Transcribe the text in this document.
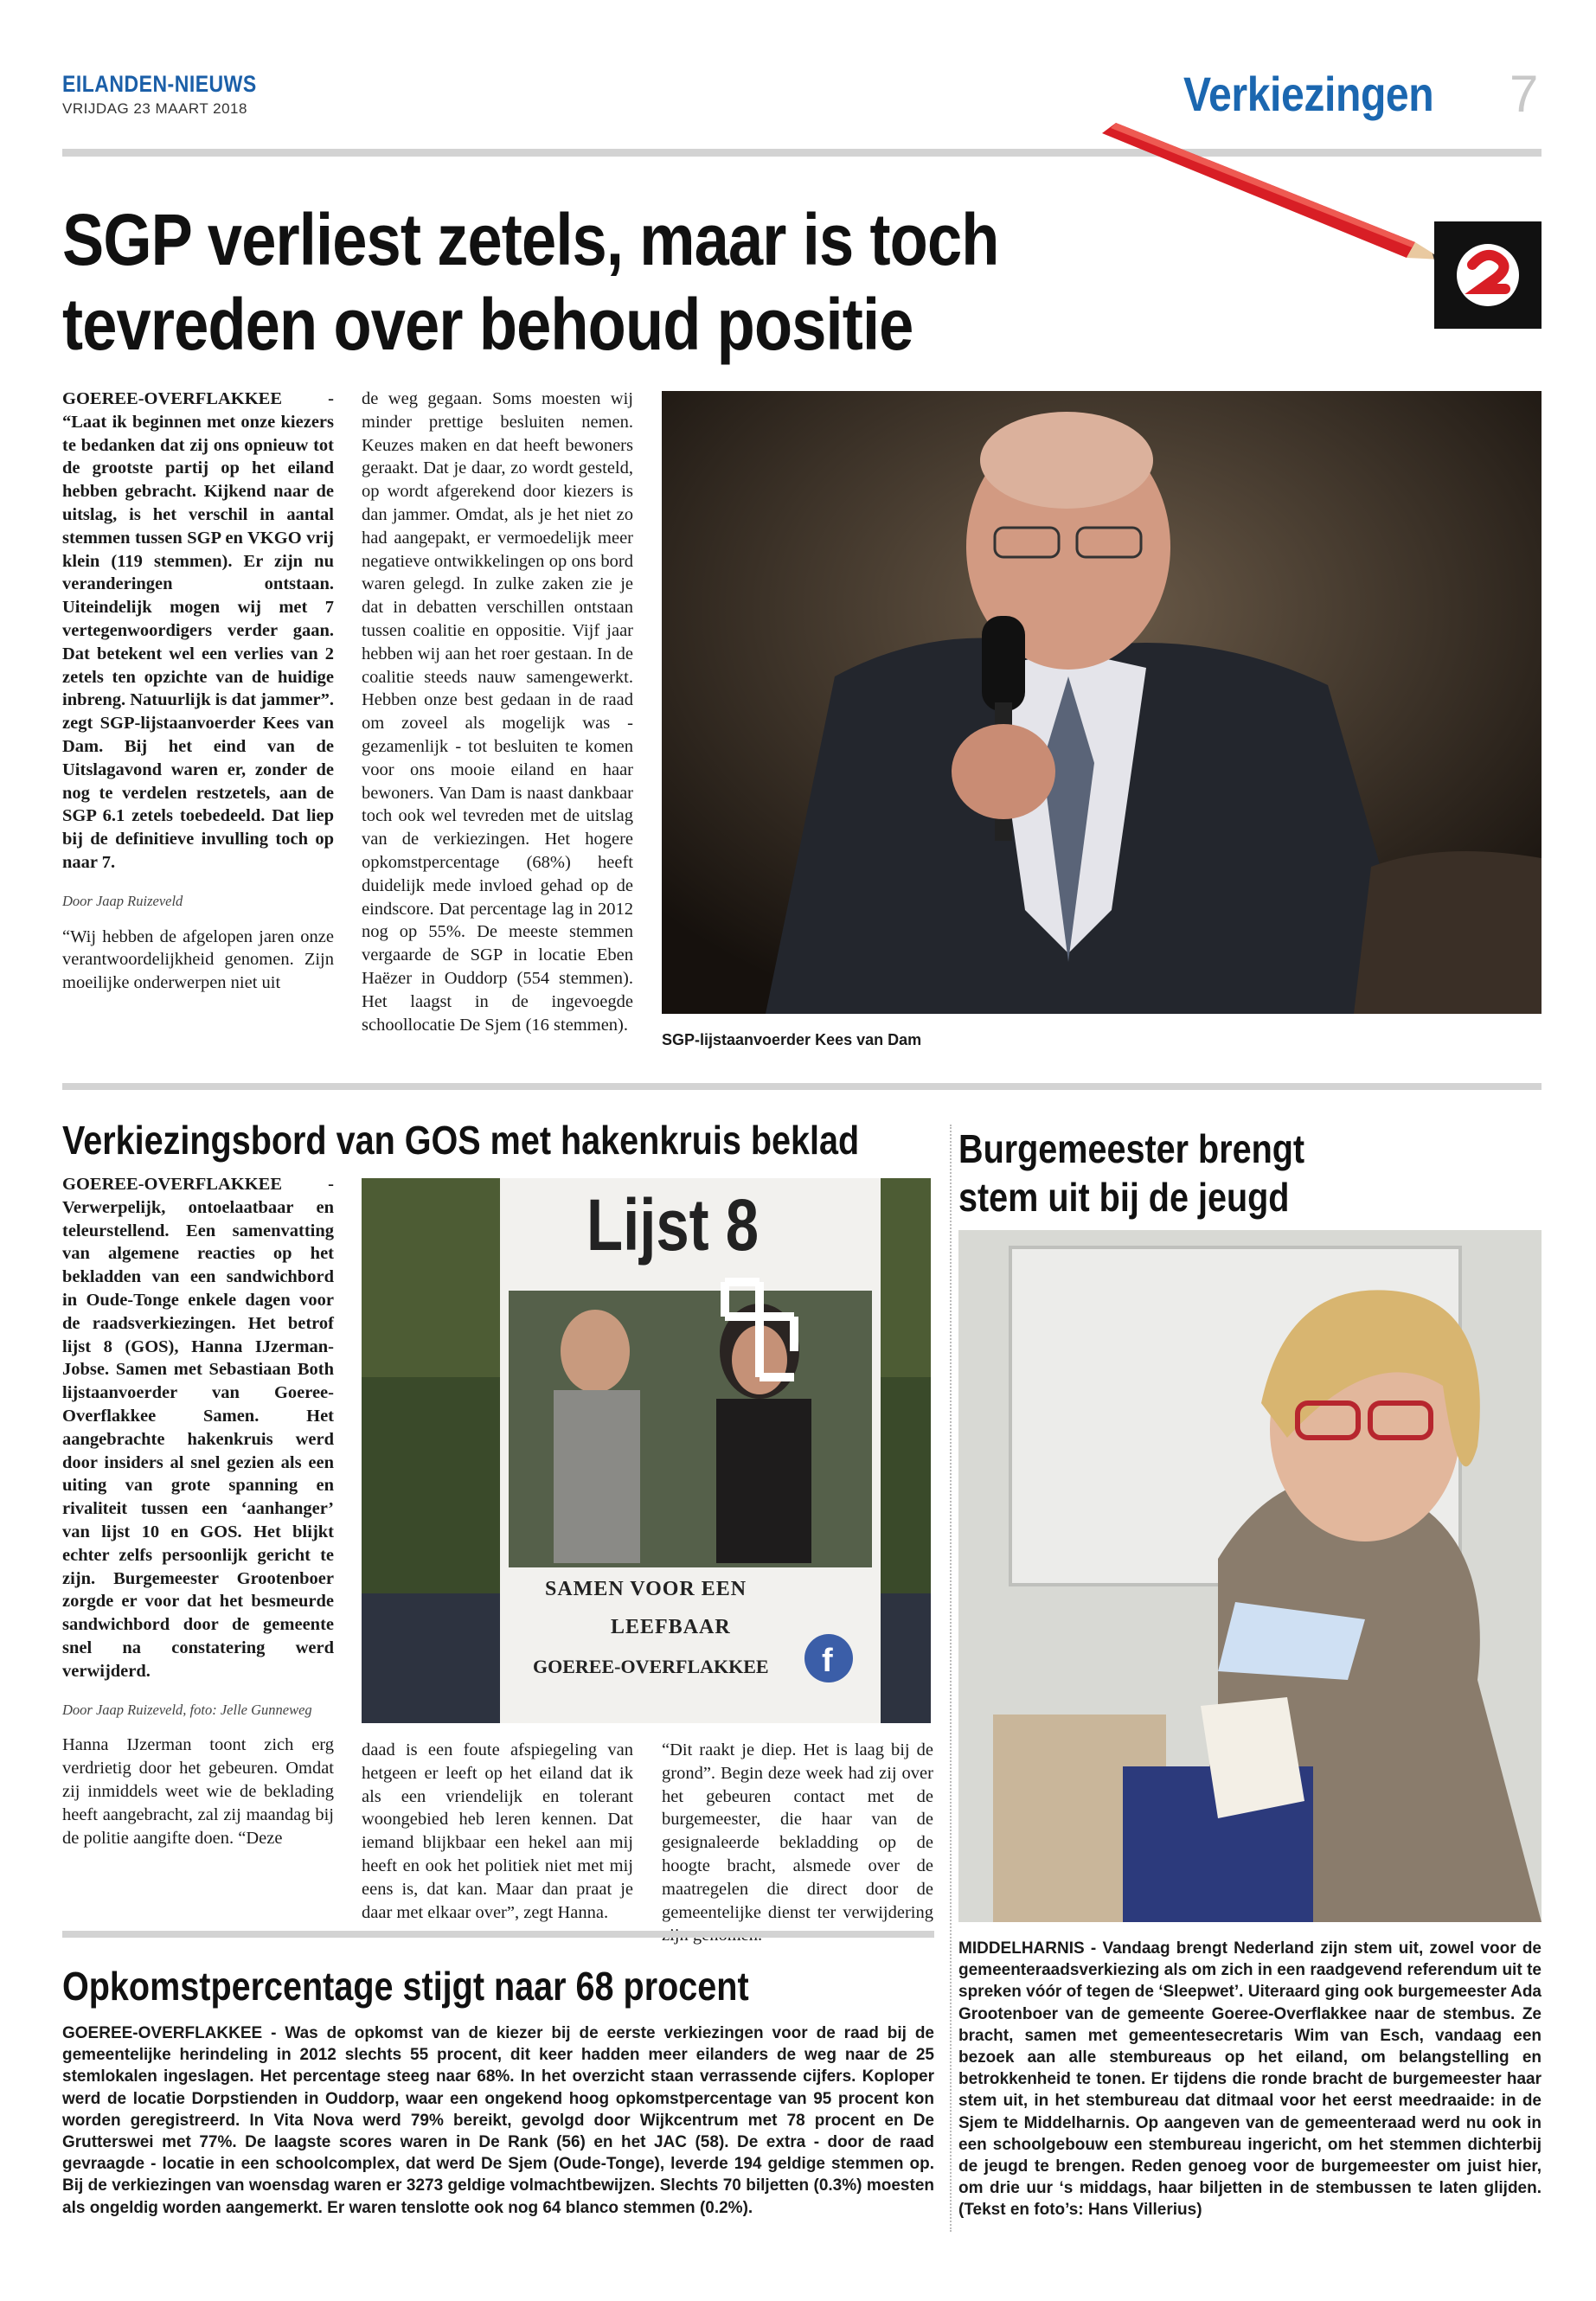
EILANDEN-NIEUWS
VRIJDAG 23 MAART 2018	Verkiezingen 7
SGP verliest zetels, maar is toch
tevreden over behoud positie

GOEREE-OVERFLAKKEE - “Laat ik beginnen met onze kiezers te bedanken dat zij ons opnieuw tot de grootste partij op het eiland hebben gebracht. Kijkend naar de uitslag, is het verschil in aantal stemmen tussen SGP en VKGO vrij klein (119 stemmen). Er zijn nu veranderingen ontstaan. Uiteindelijk mogen wij met 7 vertegenwoordigers verder gaan. Dat betekent wel een verlies van 2 zetels ten opzichte van de huidige inbreng. Natuurlijk is dat jammer”. zegt SGP-lijstaanvoerder Kees van Dam. Bij het eind van de Uitslagavond waren er, zonder de nog te verdelen restzetels, aan de SGP 6.1 zetels toebedeeld. Dat liep bij de definitieve invulling toch op naar 7.

Door Jaap Ruizeveld

“Wij hebben de afgelopen jaren onze verantwoordelijkheid genomen. Zijn moeilijke onderwerpen niet uit

de weg gegaan. Soms moesten wij minder prettige besluiten nemen. Keuzes maken en dat heeft bewoners geraakt. Dat je daar, zo wordt gesteld, op wordt afgerekend door kiezers is dan jammer. Omdat, als je het niet zo had aangepakt, er vermoedelijk meer negatieve ontwikkelingen op ons bord waren gelegd. In zulke zaken zie je dat in debatten verschillen ontstaan tussen coalitie en oppositie. Vijf jaar hebben wij aan het roer gestaan. In de coalitie steeds nauw samengewerkt. Hebben onze best gedaan in de raad om zoveel als mogelijk was - gezamenlijk - tot besluiten te komen voor ons mooie eiland en haar bewoners. Van Dam is naast dankbaar toch ook wel tevreden met de uitslag van de verkiezingen. Het hogere opkomstpercentage (68%) heeft duidelijk mede invloed gehad op de eindscore. Dat percentage lag in 2012 nog op 55%. De meeste stemmen vergaarde de SGP in locatie Eben Haëzer in Ouddorp (554 stemmen). Het laagst in de ingevoegde schoollocatie De Sjem (16 stemmen).

SGP-lijstaanvoerder Kees van Dam
Verkiezingsbord van GOS met hakenkruis beklad

GOEREE-OVERFLAKKEE - Verwerpelijk, ontoelaatbaar en teleurstellend. Een samenvatting van algemene reacties op het bekladden van een sandwichbord in Oude-Tonge enkele dagen voor de raadsverkiezingen. Het betrof lijst 8 (GOS), Hanna IJzerman-Jobse. Samen met Sebastiaan Both lijstaanvoerder van Goeree-Overflakkee Samen. Het aangebrachte hakenkruis werd door insiders al snel gezien als een uiting van grote spanning en rivaliteit tussen een ‘aanhanger’ van lijst 10 en GOS. Het blijkt echter zelfs persoonlijk gericht te zijn. Burgemeester Grootenboer zorgde er voor dat het besmeurde sandwichbord door de gemeente snel na constatering werd verwijderd.

Door Jaap Ruizeveld, foto: Jelle Gunneweg

Hanna IJzerman toont zich erg verdrietig door het gebeuren. Omdat zij inmiddels weet wie de beklading heeft aangebracht, zal zij maandag bij de politie aangifte doen. “Deze

f
Lijst 8
SAMEN VOOR EEN
LEEFBAAR
GOEREE-OVERFLAKKEE

daad is een foute afspiegeling van hetgeen er leeft op het eiland dat ik als een vriendelijk en tolerant woongebied heb leren kennen. Dat iemand blijkbaar een hekel aan mij heeft en ook het politiek niet met mij eens is, dat kan. Maar dan praat je daar met elkaar over”, zegt Hanna.

“Dit raakt je diep. Het is laag bij de grond”. Begin deze week had zij over het gebeuren contact met de burgemeester, die haar van de gesignaleerde bekladding op de hoogte bracht, alsmede over de maatregelen die direct door de gemeentelijke dienst ter verwijdering

Burgemeester brengt
stem uit bij de jeugd

MIDDELHARNIS - Vandaag brengt Nederland zijn stem uit, zowel voor de gemeenteraadsverkiezing als om zich in een raadgevend referendum uit te spreken vóór of tegen de ‘Sleepwet’. Uiteraard ging ook burgemeester Ada Grootenboer van de gemeente Goeree-Overflakkee naar de stembus. Ze bracht, samen met gemeentesecretaris Wim van Esch, vandaag een bezoek aan alle stembureaus op het eiland, om belangstelling en betrokkenheid te tonen. Er tijdens die ronde bracht de burgemeester haar stem uit, in het stembureau dat ditmaal voor het eerst meedraaide: in de Sjem te Middelharnis. Op aangeven van de gemeenteraad werd nu ook in een schoolgebouw een stembureau ingericht, om het stemmen dichterbij de jeugd te brengen. Reden genoeg voor de burgemeester om juist hier, om drie uur ‘s middags, haar biljetten in de stembussen te laten glijden. (Tekst en foto’s: Hans Villerius)

Opkomstpercentage stijgt naar 68 procent

GOEREE-OVERFLAKKEE - Was de opkomst van de kiezer bij de eerste verkiezingen voor de raad bij de gemeentelijke herindeling in 2012 slechts 55 procent, dit keer hadden meer eilanders de weg naar de 25 stemlokalen ingeslagen. Het percentage steeg naar 68%. In het overzicht staan verrassende cijfers. Koploper werd de locatie Dorpstienden in Ouddorp, waar een ongekend hoog opkomstpercentage van 95 procent kon worden geregistreerd. In Vita Nova werd 79% bereikt, gevolgd door Wijkcentrum met 78 procent en De Grutterswei met 77%. De laagste scores waren in De Rank (56) en het JAC (58). De extra - door de raad gevraagde - locatie in een schoolcomplex, dat werd De Sjem (Oude-Tonge), leverde 194 geldige stemmen op. Bij de verkiezingen van woensdag waren er 3273 geldige volmachtbewijzen. Slechts 70 biljetten (0.3%) moesten als ongeldig worden aangemerkt. Er waren tenslotte ook nog 64 blanco stemmen (0.2%).
